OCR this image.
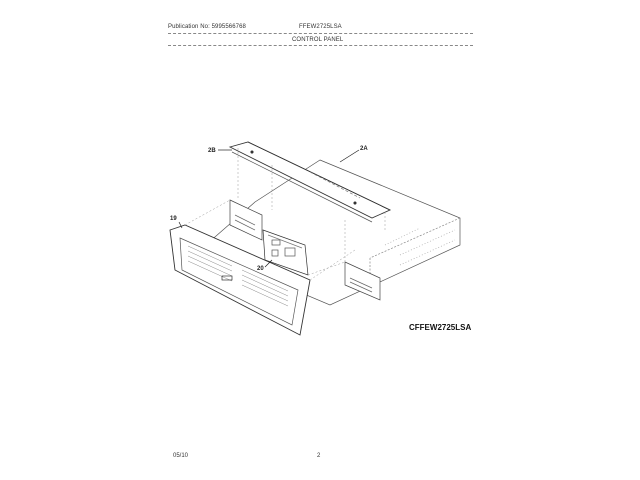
Publication No: 5995566768	FFEW2725LSA
CONTROL PANEL
2B	2A
19
20
CFFEW2725LSA
05/10	2
